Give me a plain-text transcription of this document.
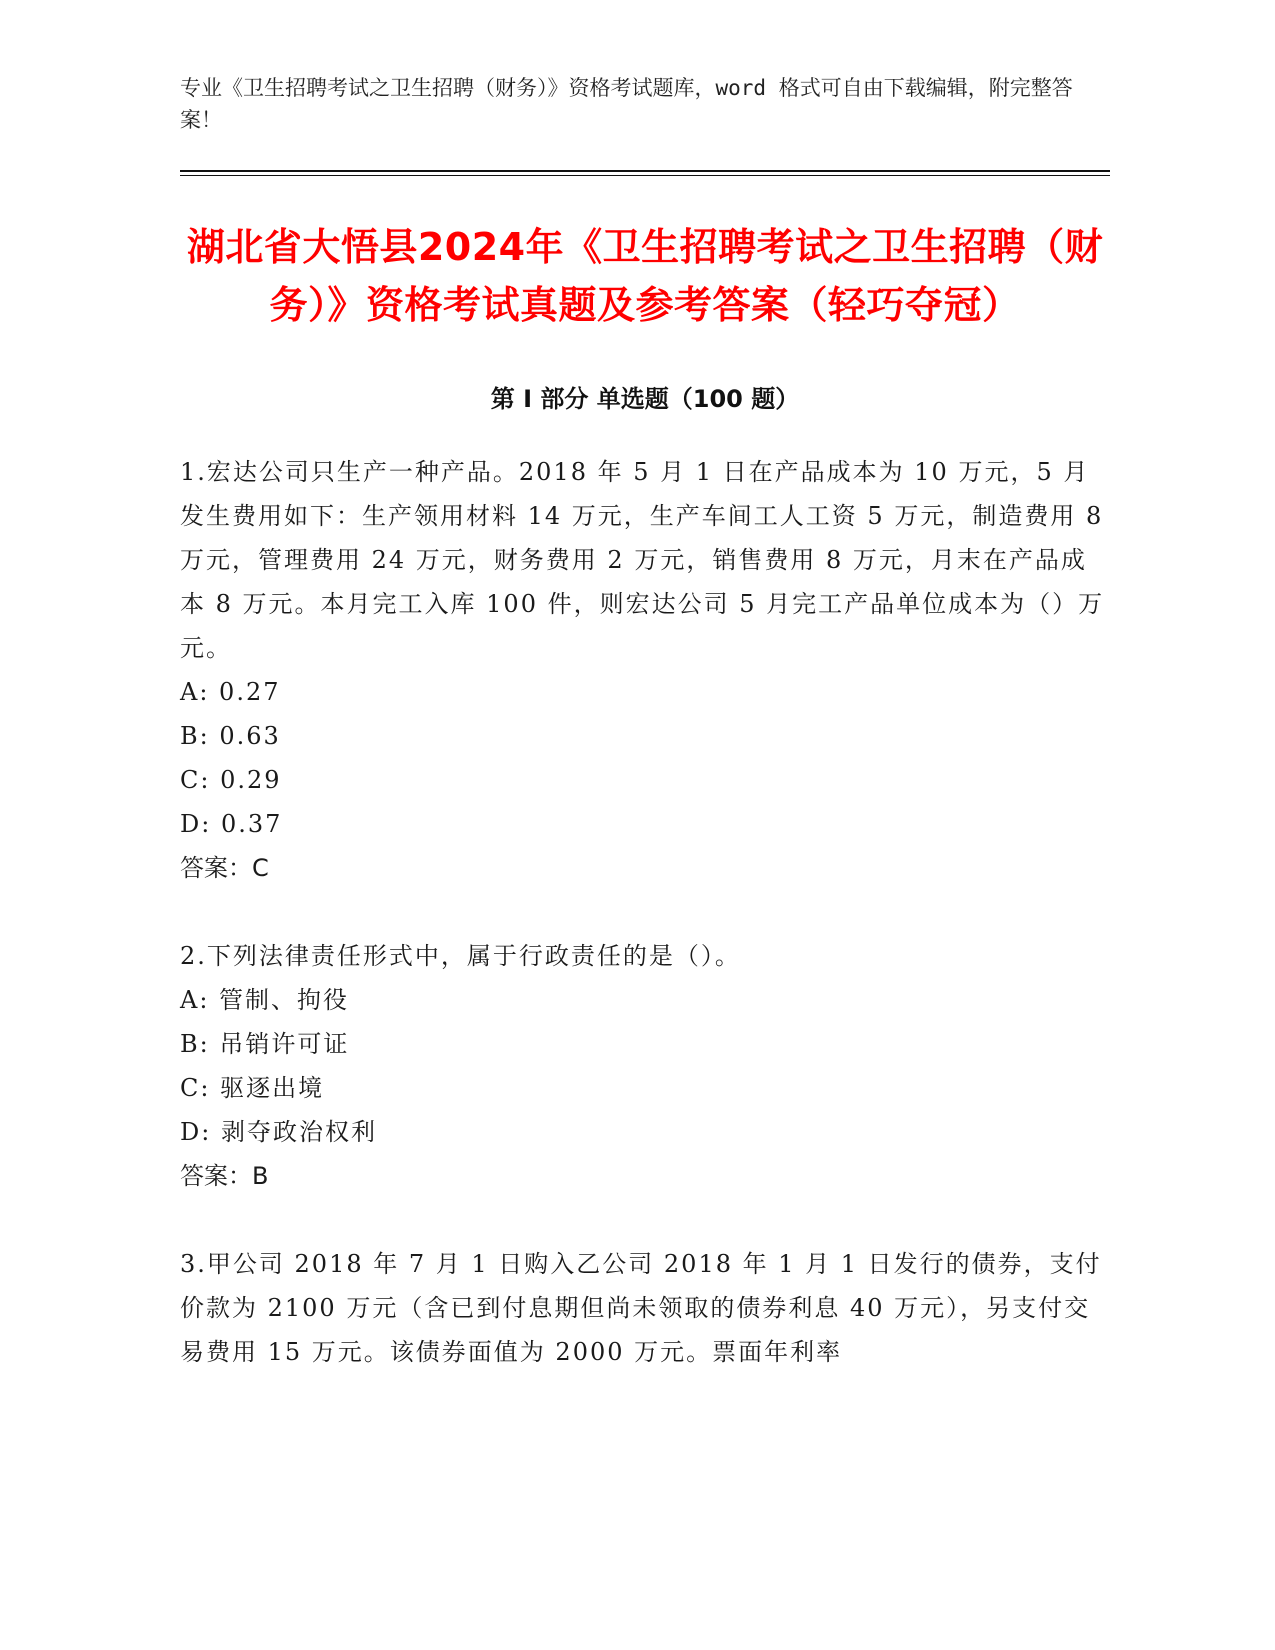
专业《卫生招聘考试之卫生招聘（财务）》资格考试题库，word 格式可自由下载编辑，附完整答案！

湖北省大悟县2024年《卫生招聘考试之卫生招聘（财务）》资格考试真题及参考答案（轻巧夺冠）
第 I 部分 单选题（100 题）

1.宏达公司只生产一种产品。2018 年 5 月 1 日在产品成本为 10 万元，5 月发生费用如下：生产领用材料 14 万元，生产车间工人工资 5 万元，制造费用 8 万元，管理费用 24 万元，财务费用 2 万元，销售费用 8 万元，月末在产品成本 8 万元。本月完工入库 100 件，则宏达公司 5 月完工产品单位成本为（）万元。

A: 0.27

B: 0.63

C: 0.29

D: 0.37

答案：C

2.下列法律责任形式中，属于行政责任的是（）。

A: 管制、拘役

B: 吊销许可证

C: 驱逐出境

D: 剥夺政治权利

答案：B

3.甲公司 2018 年 7 月 1 日购入乙公司 2018 年 1 月 1 日发行的债券，支付价款为 2100 万元（含已到付息期但尚未领取的债券利息 40 万元），另支付交易费用 15 万元。该债券面值为 2000 万元。票面年利率
